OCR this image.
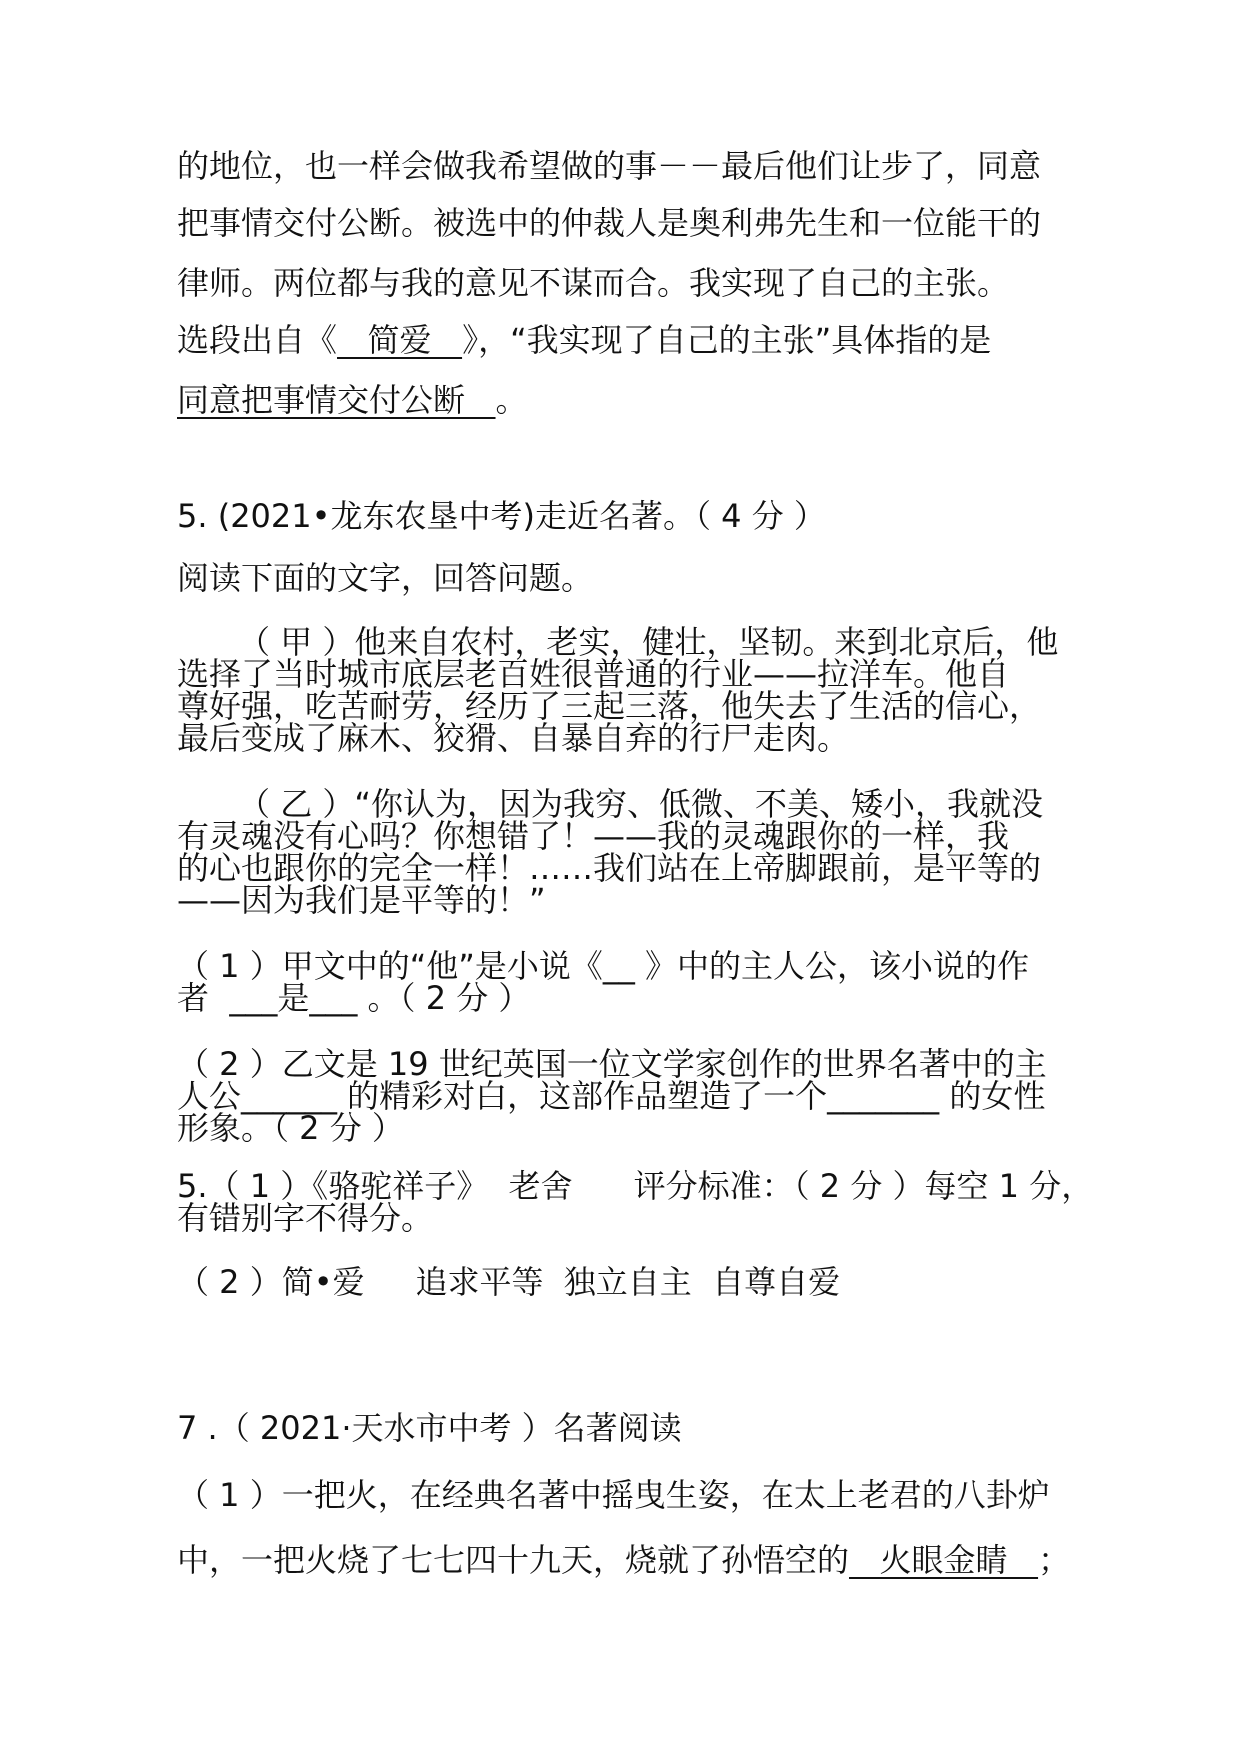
的地位，也一样会做我希望做的事－－最后他们让步了，同意
把事情交付公断。被选中的仲裁人是奥利弗先生和一位能干的
律师。两位都与我的意见不谋而合。我实现了自己的主张。
选段出自《   简爱   》，“我实现了自己的主张”具体指的是
同意把事情交付公断   。
5. (2021•龙东农垦中考)走近名著。（ 4 分 ）
阅读下面的文字，回答问题。
（ 甲 ）他来自农村，老实，健壮，坚韧。来到北京后，他
选择了当时城市底层老百姓很普通的行业——拉洋车。他自
尊好强，吃苦耐劳，经历了三起三落，他失去了生活的信心，
最后变成了麻木、狡猾、自暴自弃的行尸走肉。
（ 乙 ）“你认为，因为我穷、低微、不美、矮小，我就没
有灵魂没有心吗？你想错了！——我的灵魂跟你的一样，我
的心也跟你的完全一样！……我们站在上帝脚跟前，是平等的
——因为我们是平等的！”
（ 1 ）甲文中的“他”是小说《__ 》中的主人公，该小说的作
者  ___是___ 。（ 2 分 ）
（ 2 ）乙文是 19 世纪英国一位文学家创作的世界名著中的主
人公______ 的精彩对白，这部作品塑造了一个_______ 的女性
形象。（ 2 分 ）
5.（ 1 ）《骆驼祥子》  老舍      评分标准：（ 2 分 ）每空 1 分，
有错别字不得分。
（ 2 ）简•爱     追求平等  独立自主  自尊自爱
7 .（ 2021·天水市中考 ）名著阅读
（ 1 ）一把火，在经典名著中摇曳生姿，在太上老君的八卦炉
中，一把火烧了七七四十九天，烧就了孙悟空的   火眼金睛   ；
